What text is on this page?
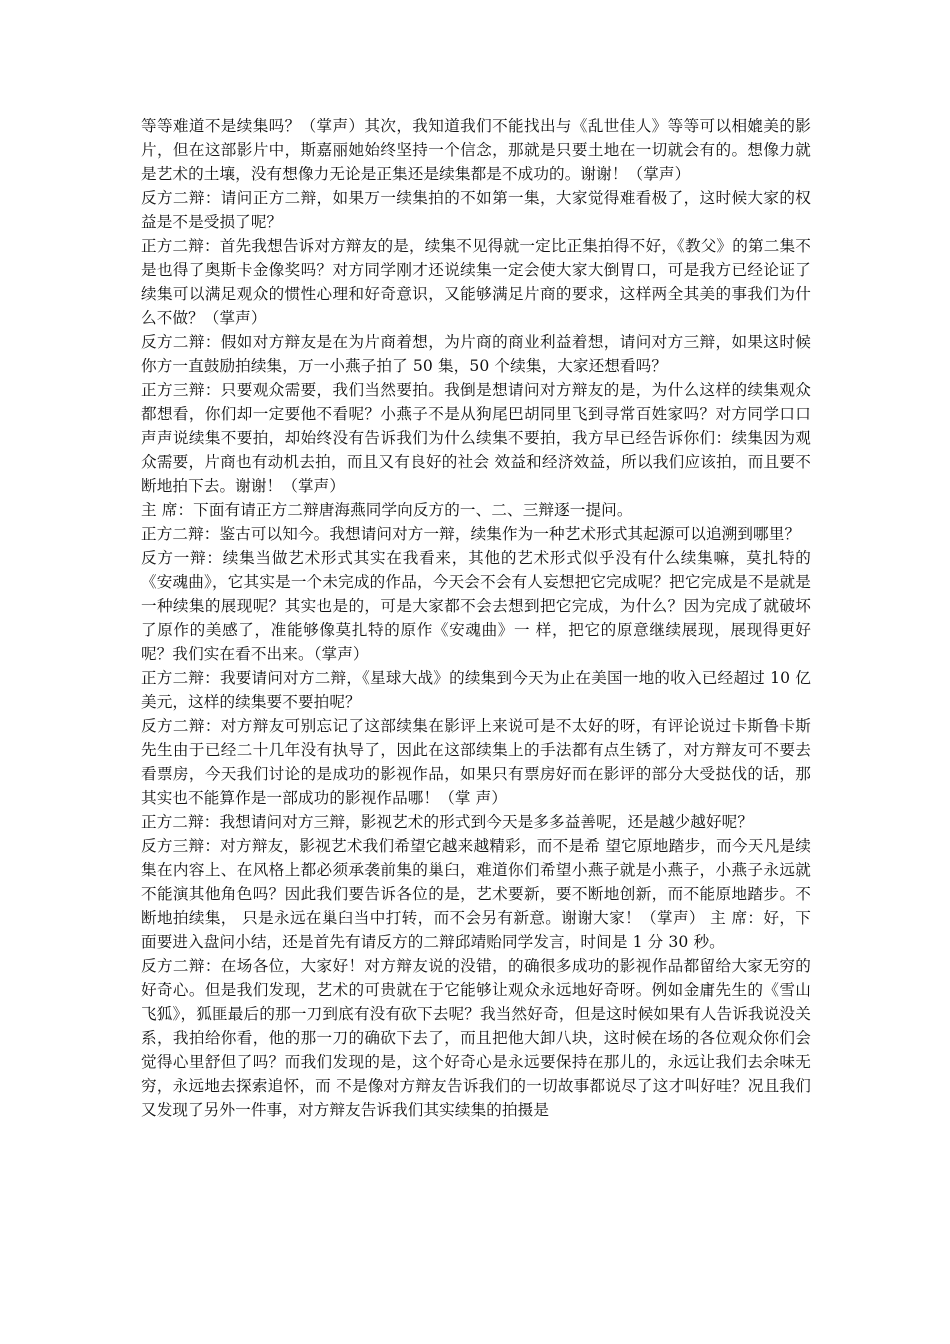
等等难道不是续集吗？（掌声）其次，我知道我们不能找出与《乱世佳人》等等可以相媲美的影片，但在这部影片中，斯嘉丽她始终坚持一个信念，那就是只要土地在一切就会有的。想像力就是艺术的土壤，没有想像力无论是正集还是续集都是不成功的。谢谢！（掌声）

反方二辩：请问正方二辩，如果万一续集拍的不如第一集，大家觉得难看极了，这时候大家的权益是不是受损了呢？

正方二辩：首先我想告诉对方辩友的是，续集不见得就一定比正集拍得不好，《教父》的第二集不是也得了奥斯卡金像奖吗？对方同学刚才还说续集一定会使大家大倒胃口，可是我方已经论证了续集可以满足观众的惯性心理和好奇意识，又能够满足片商的要求，这样两全其美的事我们为什么不做？（掌声）

反方二辩：假如对方辩友是在为片商着想，为片商的商业利益着想，请问对方三辩，如果这时候你方一直鼓励拍续集，万一小燕子拍了 50 集，50 个续集，大家还想看吗？

正方三辩：只要观众需要，我们当然要拍。我倒是想请问对方辩友的是，为什么这样的续集观众都想看，你们却一定要他不看呢？小燕子不是从狗尾巴胡同里飞到寻常百姓家吗？对方同学口口声声说续集不要拍，却始终没有告诉我们为什么续集不要拍，我方早已经告诉你们：续集因为观众需要，片商也有动机去拍，而且又有良好的社会 效益和经济效益，所以我们应该拍，而且要不断地拍下去。谢谢！（掌声）

主 席：下面有请正方二辩唐海燕同学向反方的一、二、三辩逐一提问。

正方二辩：鉴古可以知今。我想请问对方一辩，续集作为一种艺术形式其起源可以追溯到哪里？

反方一辩：续集当做艺术形式其实在我看来，其他的艺术形式似乎没有什么续集嘛，莫扎特的《安魂曲》，它其实是一个未完成的作品，今天会不会有人妄想把它完成呢？把它完成是不是就是一种续集的展现呢？其实也是的，可是大家都不会去想到把它完成，为什么？因为完成了就破坏了原作的美感了，准能够像莫扎特的原作《安魂曲》一 样，把它的原意继续展现，展现得更好呢？我们实在看不出来。（掌声）

正方二辩：我要请问对方二辩，《星球大战》的续集到今天为止在美国一地的收入已经超过 10 亿美元，这样的续集要不要拍呢？

反方二辩：对方辩友可别忘记了这部续集在影评上来说可是不太好的呀，有评论说过卡斯鲁卡斯先生由于已经二十几年没有执导了，因此在这部续集上的手法都有点生锈了，对方辩友可不要去看票房，今天我们讨论的是成功的影视作品，如果只有票房好而在影评的部分大受挞伐的话，那其实也不能算作是一部成功的影视作品哪！（掌 声）

正方二辩：我想请问对方三辩，影视艺术的形式到今天是多多益善呢，还是越少越好呢？

反方三辩：对方辩友，影视艺术我们希望它越来越精彩，而不是希 望它原地踏步，而今天凡是续集在内容上、在风格上都必须承袭前集的巢臼，难道你们希望小燕子就是小燕子，小燕子永远就不能演其他角色吗？因此我们要告诉各位的是，艺术要新，要不断地创新，而不能原地踏步。不断地拍续集， 只是永远在巢臼当中打转，而不会另有新意。谢谢大家！（掌声） 主 席：好，下面要进入盘问小结，还是首先有请反方的二辩邱靖贻同学发言，时间是 1 分 30 秒。

反方二辩：在场各位，大家好！对方辩友说的没错，的确很多成功的影视作品都留给大家无穷的好奇心。但是我们发现，艺术的可贵就在于它能够让观众永远地好奇呀。例如金庸先生的《雪山飞狐》，狐匪最后的那一刀到底有没有砍下去呢？我当然好奇，但是这时候如果有人告诉我说没关系，我拍给你看，他的那一刀的确砍下去了，而且把他大卸八块，这时候在场的各位观众你们会觉得心里舒但了吗？而我们发现的是，这个好奇心是永远要保持在那儿的，永远让我们去余味无穷，永远地去探索追怀，而 不是像对方辩友告诉我们的一切故事都说尽了这才叫好哇？况且我们又发现了另外一件事，对方辩友告诉我们其实续集的拍摄是
